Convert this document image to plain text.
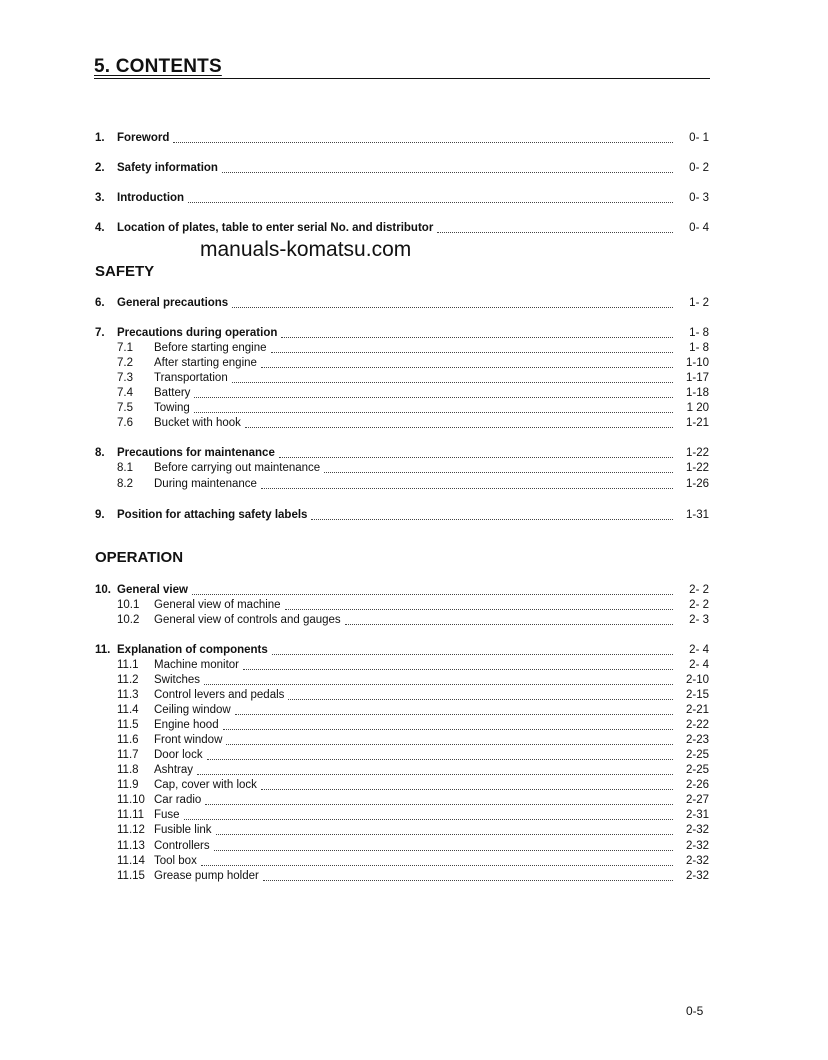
5. CONTENTS
1.	Foreword	0- 1
2.	Safety information	0- 2
3.	Introduction	0- 3
4.	Location of plates, table to enter serial No. and distributor	0- 4
manuals-komatsu.com
SAFETY
6.	General precautions	1- 2
7.	Precautions during operation	1- 8
7.1	Before starting engine	1- 8
7.2	After starting engine	1-10
7.3	Transportation	1-17
7.4	Battery	1-18
7.5	Towing	1 20
7.6	Bucket with hook	1-21
8.	Precautions for maintenance	1-22
8.1	Before carrying out maintenance	1-22
8.2	During maintenance	1-26
9.	Position for attaching safety labels	1-31
OPERATION
10. General view	2- 2
10.1	General view of machine	2- 2
10.2	General view of controls and gauges	2- 3
11. Explanation of components	2- 4
11.1	Machine monitor	2- 4
11.2	Switches	2-10
11.3	Control levers and pedals	2-15
11.4	Ceiling window	2-21
11.5	Engine hood	2-22
11.6	Front window	2-23
11.7	Door lock	2-25
11.8	Ashtray	2-25
11.9	Cap, cover with lock	2-26
11.10 Car radio	2-27
11.11 Fuse	2-31
11.12 Fusible link	2-32
11.13 Controllers	2-32
11.14 Tool box	2-32
11.15 Grease pump holder	2-32
0-5
